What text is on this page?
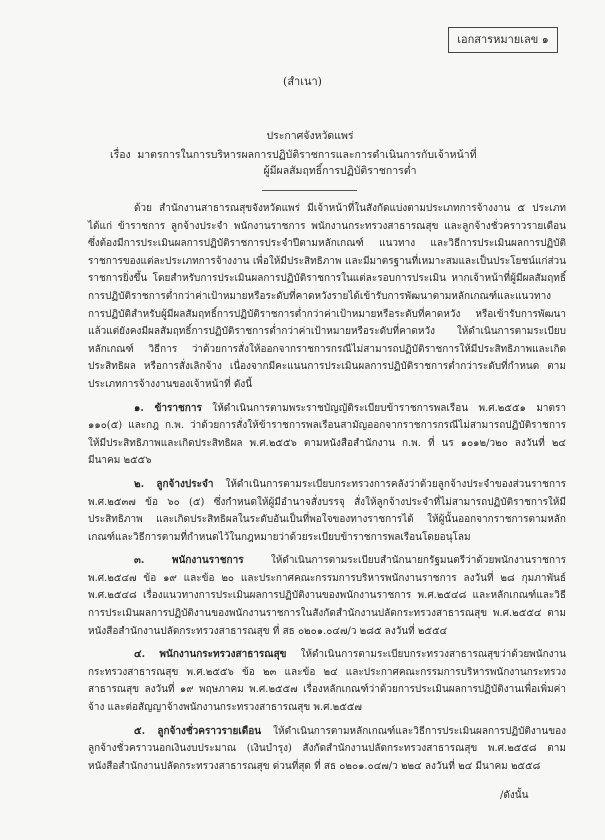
เอกสารหมายเลข ๑
(สำเนา)
ประกาศจังหวัดแพร่
เรื่อง มาตรการในการบริหารผลการปฏิบัติราชการและการดำเนินการกับเจ้าหน้าที่
ผู้มีผลสัมฤทธิ์การปฏิบัติราชการต่ำ

ด้วย สำนักงานสาธารณสุขจังหวัดแพร่ มีเจ้าหน้าที่ในสังกัดแบ่งตามประเภทการจ้างงาน ๕ ประเภท ได้แก่ ข้าราชการ ลูกจ้างประจำ พนักงานราชการ พนักงานกระทรวงสาธารณสุข และลูกจ้างชั่วคราวรายเดือน ซึ่งต้องมีการประเมินผลการปฏิบัติราชการประจำปีตามหลักเกณฑ์ แนวทาง และวิธีการประเมินผลการปฏิบัติราชการของแต่ละประเภทการจ้างงาน เพื่อให้มีประสิทธิภาพ และมีมาตรฐานที่เหมาะสมและเป็นประโยชน์แก่ส่วนราชการยิ่งขึ้น โดยสำหรับการประเมินผลการปฏิบัติราชการในแต่ละรอบการประเมิน หากเจ้าหน้าที่ผู้มีผลสัมฤทธิ์การปฏิบัติราชการต่ำกว่าค่าเป้าหมายหรือระดับที่คาดหวังรายได้เข้ารับการพัฒนาตามหลักเกณฑ์และแนวทางการปฏิบัติสำหรับผู้มีผลสัมฤทธิ์การปฏิบัติราชการต่ำกว่าค่าเป้าหมายหรือระดับที่คาดหวัง หรือเข้ารับการพัฒนาแล้วแต่ยังคงมีผลสัมฤทธิ์การปฏิบัติราชการต่ำกว่าค่าเป้าหมายหรือระดับที่คาดหวัง ให้ดำเนินการตามระเบียบ หลักเกณฑ์ วิธีการ ว่าด้วยการสั่งให้ออกจากราชการกรณีไม่สามารถปฏิบัติราชการให้มีประสิทธิภาพและเกิดประสิทธิผล หรือการสั่งเลิกจ้าง เนื่องจากมีคะแนนการประเมินผลการปฏิบัติราชการต่ำกว่าระดับที่กำหนด ตามประเภทการจ้างงานของเจ้าหน้าที่ ดังนี้

๑. ข้าราชการ ให้ดำเนินการตามพระราชบัญญัติระเบียบข้าราชการพลเรือน พ.ศ.๒๕๕๑ มาตรา ๑๑๐(๕) และกฎ ก.พ. ว่าด้วยการสั่งให้ข้าราชการพลเรือนสามัญออกจากราชการกรณีไม่สามารถปฏิบัติราชการให้มีประสิทธิภาพและเกิดประสิทธิผล พ.ศ.๒๕๕๖ ตามหนังสือสำนักงาน ก.พ. ที่ นร ๑๐๑๒/ว๒๐ ลงวันที่ ๒๔ มีนาคม ๒๕๕๖

๒. ลูกจ้างประจำ ให้ดำเนินการตามระเบียบกระทรวงการคลังว่าด้วยลูกจ้างประจำของส่วนราชการ พ.ศ.๒๕๓๗ ข้อ ๖๐ (๕) ซึ่งกำหนดให้ผู้มีอำนาจสั่งบรรจุ สั่งให้ลูกจ้างประจำที่ไม่สามารถปฏิบัติราชการให้มีประสิทธิภาพ และเกิดประสิทธิผลในระดับอันเป็นที่พอใจของทางราชการได้ ให้ผู้นั้นออกจากราชการตามหลักเกณฑ์และวิธีการตามที่กำหนดไว้ในกฎหมายว่าด้วยระเบียบข้าราชการพลเรือนโดยอนุโลม

๓. พนักงานราชการ ให้ดำเนินการตามระเบียบสำนักนายกรัฐมนตรีว่าด้วยพนักงานราชการ พ.ศ.๒๕๔๗ ข้อ ๑๙ และข้อ ๒๐ และประกาศคณะกรรมการบริหารพนักงานราชการ ลงวันที่ ๒๘ กุมภาพันธ์ พ.ศ.๒๕๔๘ เรื่องแนวทางการประเมินผลการปฏิบัติงานของพนักงานราชการ พ.ศ.๒๕๔๘ และหลักเกณฑ์และวิธีการประเมินผลการปฏิบัติงานของพนักงานราชการในสังกัดสำนักงานปลัดกระทรวงสาธารณสุข พ.ศ.๒๕๕๔ ตามหนังสือสำนักงานปลัดกระทรวงสาธารณสุข ที่ สธ ๐๒๐๑.๐๔๗/ว ๒๘๕ ลงวันที่ ๒๕๕๔

๔. พนักงานกระทรวงสาธารณสุข ให้ดำเนินการตามระเบียบกระทรวงสาธารณสุขว่าด้วยพนักงานกระทรวงสาธารณสุข พ.ศ.๒๕๕๖ ข้อ ๒๓ และข้อ ๒๔ และประกาศคณะกรรมการบริหารพนักงานกระทรวงสาธารณสุข ลงวันที่ ๑๙ พฤษภาคม พ.ศ.๒๕๕๗ เรื่องหลักเกณฑ์ว่าด้วยการประเมินผลการปฏิบัติงานเพื่อเพิ่มค่าจ้าง และต่อสัญญาจ้างพนักงานกระทรวงสาธารณสุข พ.ศ.๒๕๕๗

๕. ลูกจ้างชั่วคราวรายเดือน ให้ดำเนินการตามหลักเกณฑ์และวิธีการประเมินผลการปฏิบัติงานของลูกจ้างชั่วคราวนอกเงินงบประมาณ (เงินบำรุง) สังกัดสำนักงานปลัดกระทรวงสาธารณสุข พ.ศ.๒๕๕๘ ตามหนังสือสำนักงานปลัดกระทรวงสาธารณสุข ด่วนที่สุด ที่ สธ ๐๒๐๑.๐๔๗/ว ๒๒๔ ลงวันที่ ๒๔ มีนาคม ๒๕๕๘

/ดังนั้น
